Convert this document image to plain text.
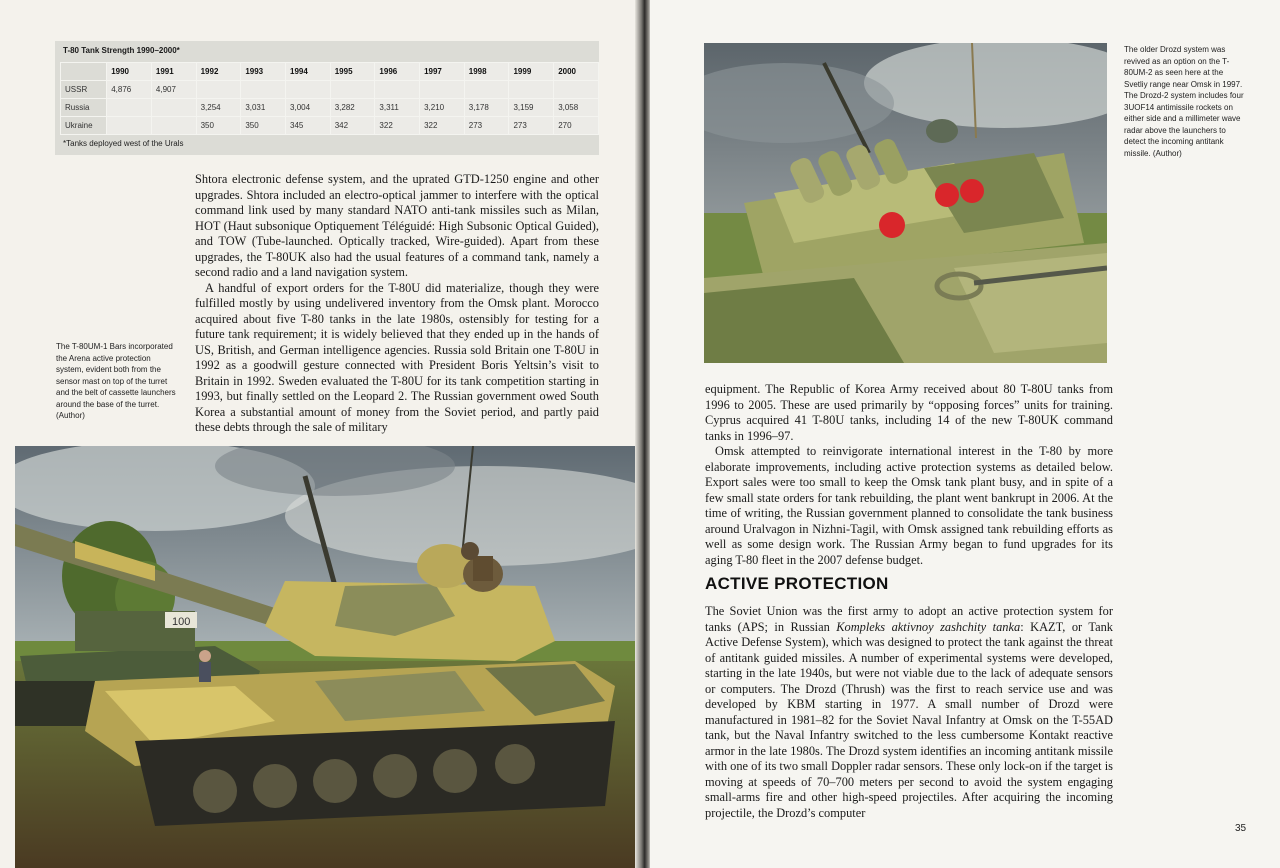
T-80 Tank Strength 1990–2000*
	1990	1991	1992	1993	1994	1995	1996	1997	1998	1999	2000
USSR	4,876	4,907									
Russia			3,254	3,031	3,004	3,282	3,311	3,210	3,178	3,159	3,058
Ukraine			350	350	345	342	322	322	273	273	270
*Tanks deployed west of the Urals

Shtora electronic defense system, and the uprated GTD-1250 engine and other upgrades. Shtora included an electro-optical jammer to interfere with the optical command link used by many standard NATO anti-tank missiles such as Milan, HOT (Haut subsonique Optiquement Téléguidé: High Subsonic Optical Guided), and TOW (Tube-launched. Optically tracked, Wire-guided). Apart from these upgrades, the T-80UK also had the usual features of a command tank, namely a second radio and a land navigation system.

A handful of export orders for the T-80U did materialize, though they were fulfilled mostly by using undelivered inventory from the Omsk plant. Morocco acquired about five T-80 tanks in the late 1980s, ostensibly for testing for a future tank requirement; it is widely believed that they ended up in the hands of US, British, and German intelligence agencies. Russia sold Britain one T-80U in 1992 as a goodwill gesture connected with President Boris Yeltsin’s visit to Britain in 1992. Sweden evaluated the T-80U for its tank competition starting in 1993, but finally settled on the Leopard 2. The Russian government owed South Korea a substantial amount of money from the Soviet period, and partly paid these debts through the sale of military

The T-80UM-1 Bars incorporated the Arena active protection system, evident both from the sensor mast on top of the turret and the belt of cassette launchers around the base of the turret. (Author)
100
The older Drozd system was revived as an option on the T-80UM-2 as seen here at the Svetliy range near Omsk in 1997. The Drozd-2 system includes four 3UOF14 antimissile rockets on either side and a millimeter wave radar above the launchers to detect the incoming antitank missile. (Author)

equipment. The Republic of Korea Army received about 80 T-80U tanks from 1996 to 2005. These are used primarily by “opposing forces” units for training. Cyprus acquired 41 T-80U tanks, including 14 of the new T-80UK command tanks in 1996–97.

Omsk attempted to reinvigorate international interest in the T-80 by more elaborate improvements, including active protection systems as detailed below. Export sales were too small to keep the Omsk tank plant busy, and in spite of a few small state orders for tank rebuilding, the plant went bankrupt in 2006. At the time of writing, the Russian government planned to consolidate the tank business around Uralvagon in Nizhni-Tagil, with Omsk assigned tank rebuilding efforts as well as some design work. The Russian Army began to fund upgrades for its aging T-80 fleet in the 2007 defense budget.

ACTIVE PROTECTION

The Soviet Union was the first army to adopt an active protection system for tanks (APS; in Russian Kompleks aktivnoy zashchity tanka: KAZT, or Tank Active Defense System), which was designed to protect the tank against the threat of antitank guided missiles. A number of experimental systems were developed, starting in the late 1940s, but were not viable due to the lack of adequate sensors or computers. The Drozd (Thrush) was the first to reach service use and was developed by KBM starting in 1977. A small number of Drozd were manufactured in 1981–82 for the Soviet Naval Infantry at Omsk on the T-55AD tank, but the Naval Infantry switched to the less cumbersome Kontakt reactive armor in the late 1980s. The Drozd system identifies an incoming antitank missile with one of its two small Doppler radar sensors. These only lock-on if the target is moving at speeds of 70–700 meters per second to avoid the system engaging small-arms fire and other high-speed projectiles. After acquiring the incoming projectile, the Drozd’s computer

35
